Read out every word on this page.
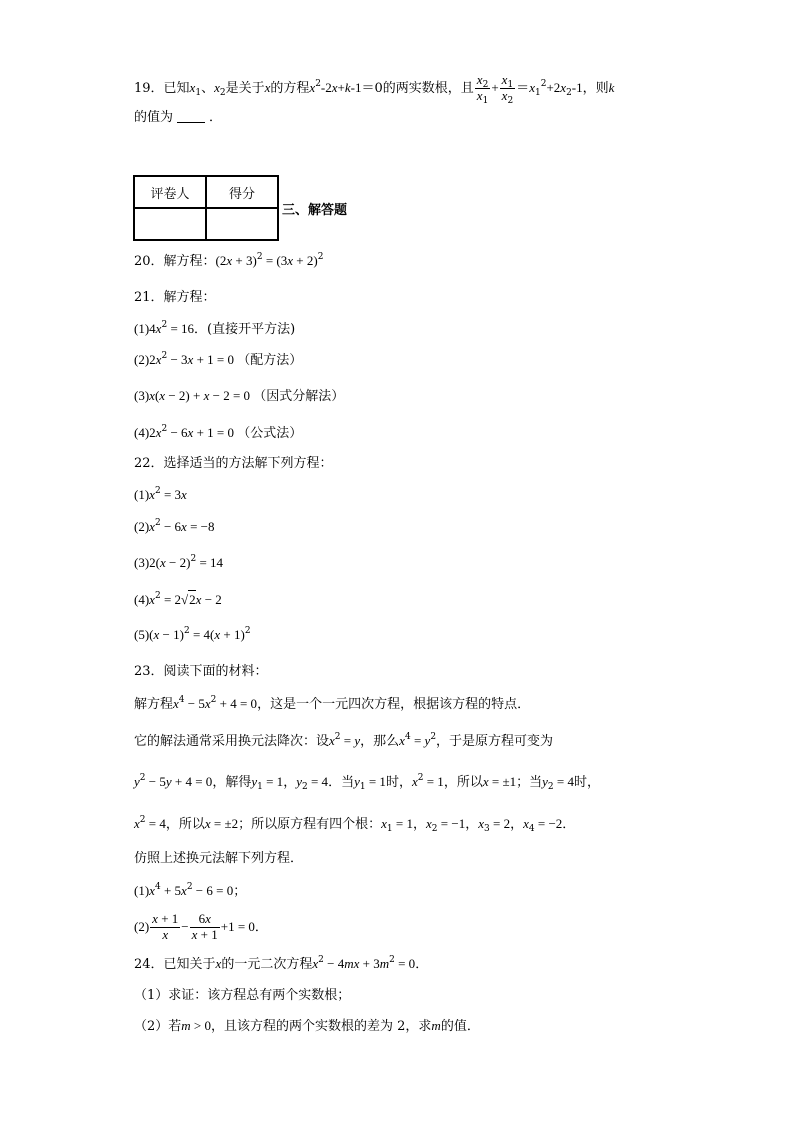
19．已知$x_1$、$x_2$是关于x的方程$x^2-2x+k-1=0$的两实数根，且 $\frac{x_2}{x_1} + \frac{x_1}{x_2} =x_1^2+2x_2-1$，则k
的值为	．
评卷人	得分

三、解答题
20．解方程：$(2x + 3)^2 = (3x + 2)^2$
21．解方程：
$(1)4x^2 = 16$．(直接开平方法)
$(2)2x^2 - 3x + 1 = 0$ （配方法）
(3)x(x − 2) + x − 2 = 0 （因式分解法）
$(4)2x^2 - 6x + 1 = 0$ （公式法）
22．选择适当的方法解下列方程：
$(1)x^2 = 3x$
$(2)x^2 - 6x = -8$
$(3)2(x - 2)^2 = 14$
$(4)x^2 = 2√2x - 2$
$(5)(x - 1)^2 = 4(x + 1)^2$
23．阅读下面的材料：
解方程$x^4 - 5x^2 + 4 = 0$，这是一个一元四次方程，根据该方程的特点．
它的解法通常采用换元法降次：设$x^2 = y$，那么$x^4 = y^2$，于是原方程可变为
$y^2 - 5y + 4 = 0$，解得$y_1 = 1$，$y_2 = 4$．当$y_1 = 1$时，$x^2 = 1$，所以x = ±1；当$y_2 = 4$时，
$x^2 = 4$，所以x = ±2；所以原方程有四个根：$x_1 = 1$，$x_2 = -1$，$x_3 = 2$，$x_4 = -2$．
仿照上述换元法解下列方程．
$(1)x^4 + 5x^2 - 6 = 0$；
$(2) \frac{x + 1}{x} - \frac{6x}{x + 1} +1 = 0$．
24．已知关于x的一元二次方程$x^2 - 4mx + 3m^2 = 0$．
（1）求证：该方程总有两个实数根；
（2）若m > 0，且该方程的两个实数根的差为 2，求m的值．
